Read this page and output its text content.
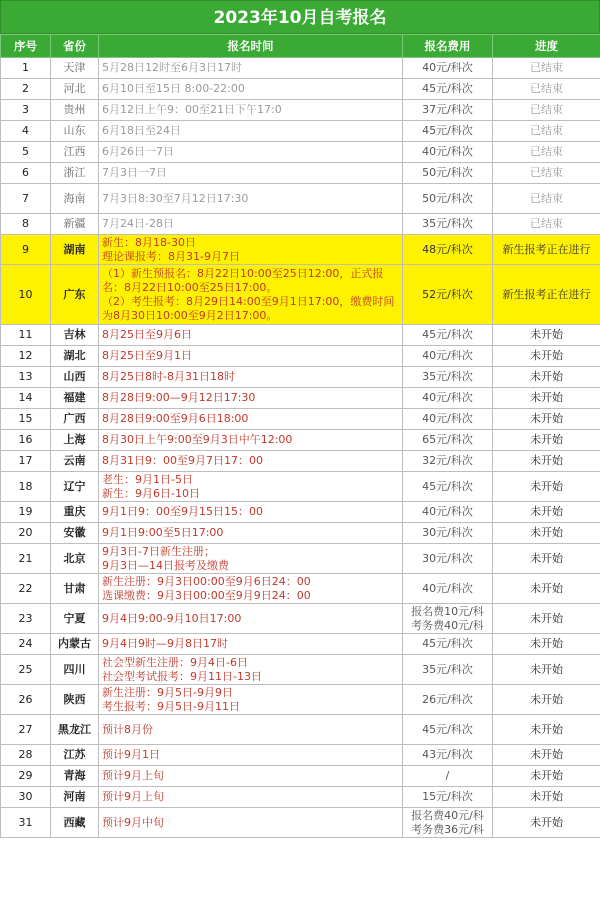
2023年10月自考报名
序号	省份	报名时间	报名费用	进度
1	天津	5月28日12时至6月3日17时	40元/科次	已结束
2	河北	6月10日至15日 8:00-22:00	45元/科次	已结束
3	贵州	6月12日上午9：00至21日下午17:0	37元/科次	已结束
4	山东	6月18日至24日	45元/科次	已结束
5	江西	6月26日一7日	40元/科次	已结束
6	浙江	7月3日一7日	50元/科次	已结束
7	海南	7月3日8:30至7月12日17:30	50元/科次	已结束
8	新疆	7月24日-28日	35元/科次	已结束
9	湖南	新生：8月18-30日
理论课报考：8月31-9月7日	48元/科次	新生报考正在进行
10	广东	（1）新生预报名：8月22日10:00至25日12:00，正式报名：8月22日10:00至25日17:00。
（2）考生报考：8月29日14:00至9月1日17:00，缴费时间为8月30日10:00至9月2日17:00。	52元/科次	新生报考正在进行
11	吉林	8月25日至9月6日	45元/科次	未开始
12	湖北	8月25日至9月1日	40元/科次	未开始
13	山西	8月25日8时-8月31日18时	35元/科次	未开始
14	福建	8月28日9:00—9月12日17:30	40元/科次	未开始
15	广西	8月28日9:00至9月6日18:00	40元/科次	未开始
16	上海	8月30日上午9:00至9月3日中午12:00	65元/科次	未开始
17	云南	8月31日9：00至9月7日17：00	32元/科次	未开始
18	辽宁	老生：9月1日-5日
新生：9月6日-10日	45元/科次	未开始
19	重庆	9月1日9：00至9月15日15：00	40元/科次	未开始
20	安徽	9月1日9:00至5日17:00	30元/科次	未开始
21	北京	9月3日-7日新生注册；
9月3日—14日报考及缴费	30元/科次	未开始
22	甘肃	新生注册：9月3日00:00至9月6日24：00
选课缴费：9月3日00:00至9月9日24：00	40元/科次	未开始
23	宁夏	9月4日9:00-9月10日17:00	报名费10元/科
考务费40元/科	未开始
24	内蒙古	9月4日9时—9月8日17时	45元/科次	未开始
25	四川	社会型新生注册：9月4日-6日
社会型考试报考：9月11日-13日	35元/科次	未开始
26	陕西	新生注册：9月5日-9月9日
考生报考：9月5日-9月11日	26元/科次	未开始
27	黑龙江	预计8月份	45元/科次	未开始
28	江苏	预计9月1日	43元/科次	未开始
29	青海	预计9月上旬	/	未开始
30	河南	预计9月上旬	15元/科次	未开始
31	西藏	预计9月中旬	报名费40元/科
考务费36元/科	未开始
